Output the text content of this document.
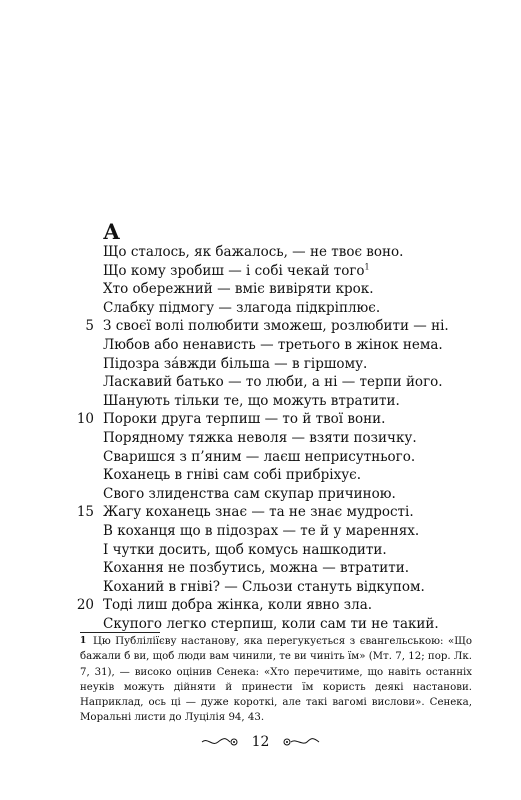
А
Що сталось, як бажалось, — не твоє воно.
Що кому зробиш — і собі чекай того$^1$
Хто обережний — вміє вивіряти крок.
Слабку підмогу — злагода підкріплює.
5 З своєї волі полюбити зможеш, розлюбити — ні.
Любов або ненависть — третього в жінок нема.
Підозра зáвжди більша — в гіршому.
Ласкавий батько — то люби, а ні — терпи його.
Шанують тільки те, що можуть втратити.
10 Пороки друга терпиш — то й твої вони.
Порядному тяжка неволя — взяти позичку.
Сваришся з п’яним — лаєш неприсутнього.
Коханець в гніві сам собі прибріхує.
Свого злиденства сам скупар причиною.
15 Жагу коханець знає — та не знає мудрості.
В коханця що в підозрах — те й у мареннях.
І чутки досить, щоб комусь нашкодити.
Кохання не позбутись, можна — втратити.
Коханий в гніві? — Сльози стануть відкупом.
20 Тоді лиш добра жінка, коли явно зла.
Скупого легко стерпиш, коли сам ти не такий.

1 Цю Публіліїєву настанову, яка перегукується з євангельською: «Що бажали б ви, щоб люди вам чинили, те ви чиніть їм» (Мт. 7, 12; пор. Лк. 7, 31), — високо оцінив Сенека: «Хто перечитиме, що навіть останніх неуків можуть дійняти й принести їм користь деякі настанови. Наприклад, ось ці — дуже короткі, але такі вагомі вислови». Сенека, Моральні листи до Луцілія 94, 43.

12
